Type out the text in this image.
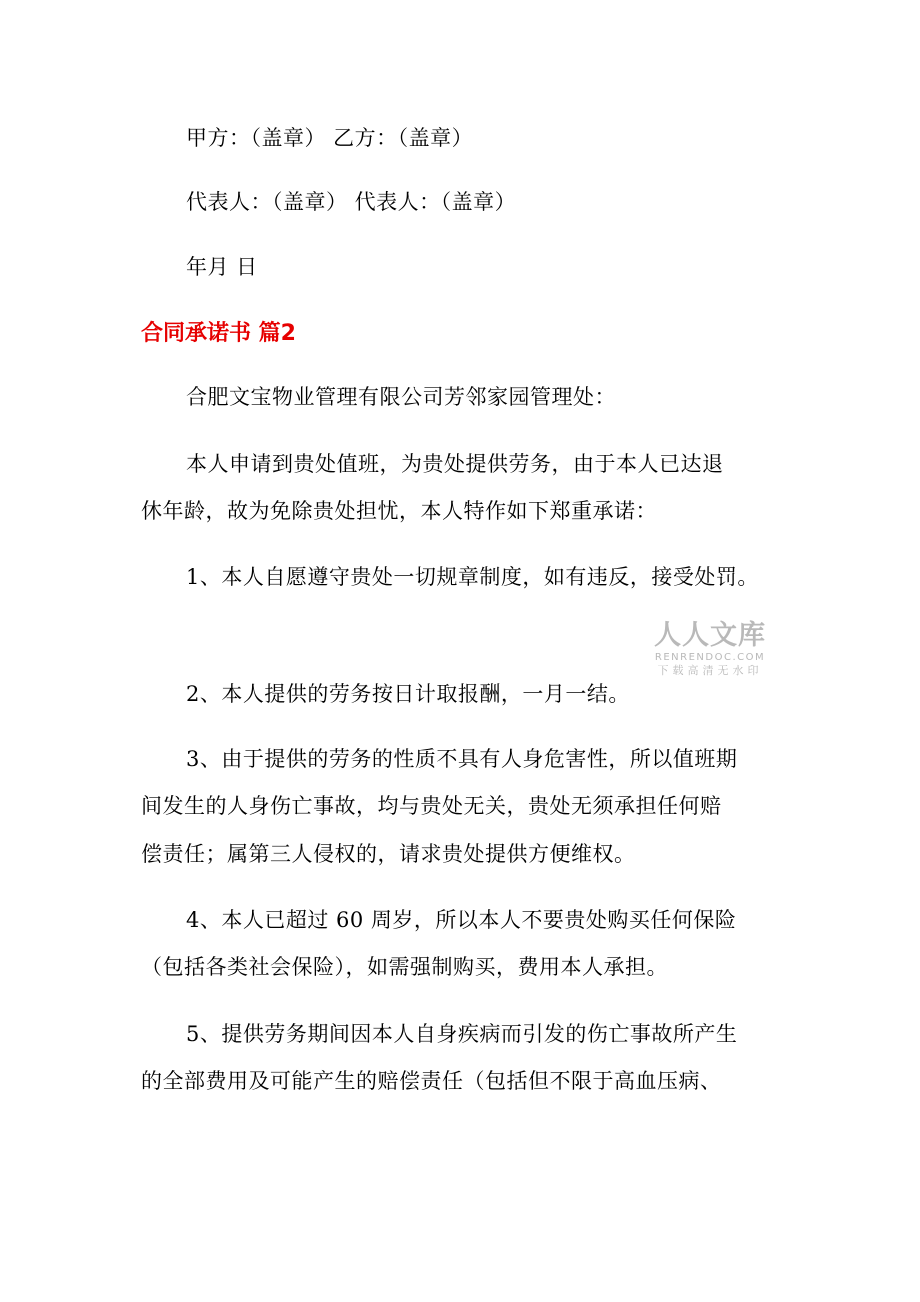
甲方：（盖章） 乙方：（盖章）
代表人：（盖章） 代表人：（盖章）
年月 日
合同承诺书 篇2
合肥文宝物业管理有限公司芳邻家园管理处：
本人申请到贵处值班，为贵处提供劳务，由于本人已达退
休年龄，故为免除贵处担忧，本人特作如下郑重承诺：
1、本人自愿遵守贵处一切规章制度，如有违反，接受处罚。
人人文库
RENRENDOC.COM
下载高清无水印
2、本人提供的劳务按日计取报酬，一月一结。
3、由于提供的劳务的性质不具有人身危害性，所以值班期
间发生的人身伤亡事故，均与贵处无关，贵处无须承担任何赔
偿责任；属第三人侵权的，请求贵处提供方便维权。
4、本人已超过 60 周岁，所以本人不要贵处购买任何保险
（包括各类社会保险），如需强制购买，费用本人承担。
5、提供劳务期间因本人自身疾病而引发的伤亡事故所产生
的全部费用及可能产生的赔偿责任（包括但不限于高血压病、
